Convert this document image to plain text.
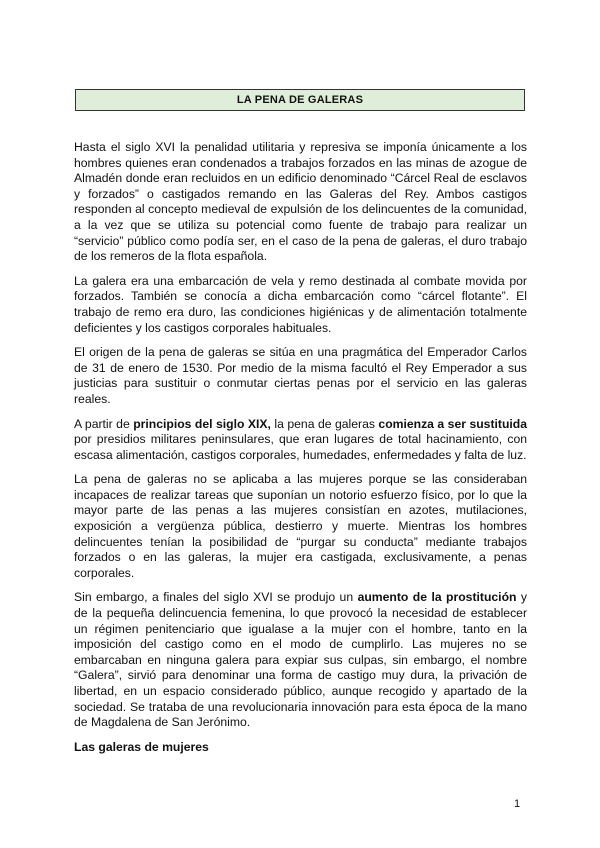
LA PENA DE GALERAS

Hasta el siglo XVI la penalidad utilitaria y represiva se imponía únicamente a los hombres quienes eran condenados a trabajos forzados en las minas de azogue de Almadén donde eran recluidos en un edificio denominado “Cárcel Real de esclavos y forzados” o castigados remando en las Galeras del Rey. Ambos castigos responden al concepto medieval de expulsión de los delincuentes de la comunidad, a la vez que se utiliza su potencial como fuente de trabajo para realizar un “servicio” público como podía ser, en el caso de la pena de galeras, el duro trabajo de los remeros de la flota española.

La galera era una embarcación de vela y remo destinada al combate movida por forzados. También se conocía a dicha embarcación como “cárcel flotante”. El trabajo de remo era duro, las condiciones higiénicas y de alimentación totalmente deficientes y los castigos corporales habituales.

El origen de la pena de galeras se sitúa en una pragmática del Emperador Carlos de 31 de enero de 1530. Por medio de la misma facultó el Rey Emperador a sus justicias para sustituir o conmutar ciertas penas por el servicio en las galeras reales.

A partir de principios del siglo XIX, la pena de galeras comienza a ser sustituida por presidios militares peninsulares, que eran lugares de total hacinamiento, con escasa alimentación, castigos corporales, humedades, enfermedades y falta de luz.

La pena de galeras no se aplicaba a las mujeres porque se las consideraban incapaces de realizar tareas que suponían un notorio esfuerzo físico, por lo que la mayor parte de las penas a las mujeres consistían en azotes, mutilaciones, exposición a vergüenza pública, destierro y muerte. Mientras los hombres delincuentes tenían la posibilidad de “purgar su conducta” mediante trabajos forzados o en las galeras, la mujer era castigada, exclusivamente, a penas corporales.

Sin embargo, a finales del siglo XVI se produjo un aumento de la prostitución y de la pequeña delincuencia femenina, lo que provocó la necesidad de establecer un régimen penitenciario que igualase a la mujer con el hombre, tanto en la imposición del castigo como en el modo de cumplirlo. Las mujeres no se embarcaban en ninguna galera para expiar sus culpas, sin embargo, el nombre “Galera”, sirvió para denominar una forma de castigo muy dura, la privación de libertad, en un espacio considerado público, aunque recogido y apartado de la sociedad. Se trataba de una revolucionaria innovación para esta época de la mano de Magdalena de San Jerónimo.

Las galeras de mujeres
1
